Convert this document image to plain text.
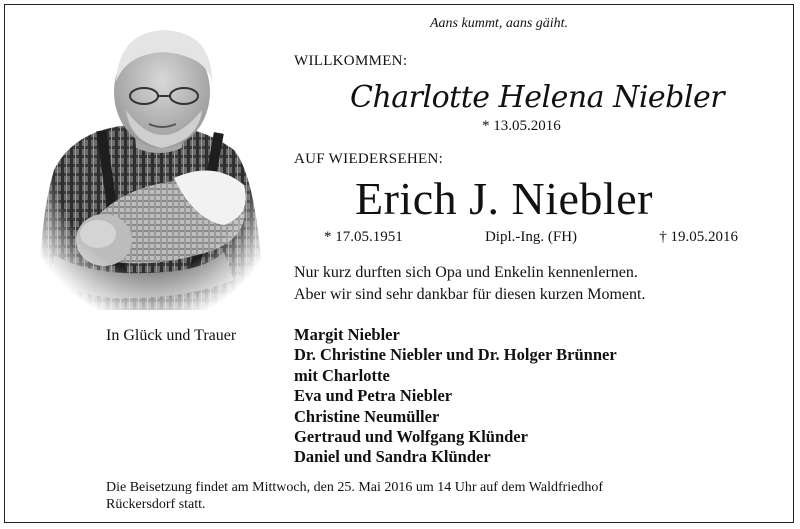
Aans kummt, aans gäiht.
WILLKOMMEN:
Charlotte Helena Niebler
* 13.05.2016
AUF WIEDERSEHEN:
Erich J. Niebler
* 17.05.1951	Dipl.-Ing. (FH)	† 19.05.2016
Nur kurz durften sich Opa und Enkelin kennenlernen.
Aber wir sind sehr dankbar für diesen kurzen Moment.
In Glück und Trauer	Margit Niebler
Dr. Christine Niebler und Dr. Holger Brünner
mit Charlotte
Eva und Petra Niebler
Christine Neumüller
Gertraud und Wolfgang Klünder
Daniel und Sandra Klünder
Die Beisetzung findet am Mittwoch, den 25. Mai 2016 um 14 Uhr auf dem Waldfriedhof
Rückersdorf statt.
